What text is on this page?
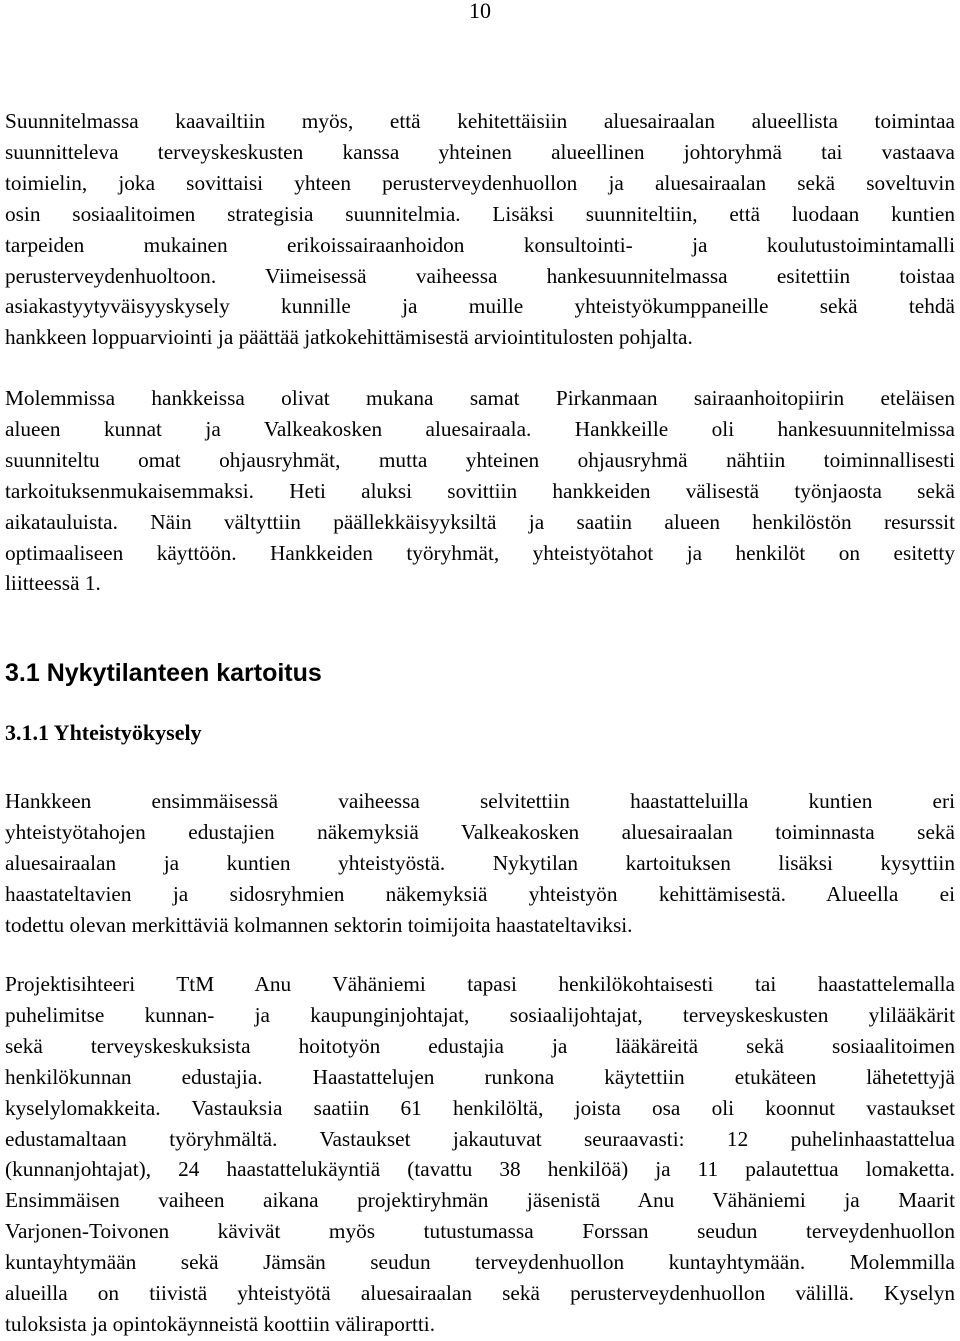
10

Suunnitelmassa kaavailtiin myös, että kehitettäisiin aluesairaalan alueellista toimintaa
suunnitteleva terveyskeskusten kanssa yhteinen alueellinen johtoryhmä tai vastaava
toimielin, joka sovittaisi yhteen perusterveydenhuollon ja aluesairaalan sekä soveltuvin
osin sosiaalitoimen strategisia suunnitelmia. Lisäksi suunniteltiin, että luodaan kuntien
tarpeiden mukainen erikoissairaanhoidon konsultointi- ja koulutustoimintamalli
perusterveydenhuoltoon. Viimeisessä vaiheessa hankesuunnitelmassa esitettiin toistaa
asiakastyytyväisyyskysely kunnille ja muille yhteistyökumppaneille sekä tehdä
hankkeen loppuarviointi ja päättää jatkokehittämisestä arviointitulosten pohjalta.

Molemmissa hankkeissa olivat mukana samat Pirkanmaan sairaanhoitopiirin eteläisen
alueen kunnat ja Valkeakosken aluesairaala. Hankkeille oli hankesuunnitelmissa
suunniteltu omat ohjausryhmät, mutta yhteinen ohjausryhmä nähtiin toiminnallisesti
tarkoituksenmukaisemmaksi. Heti aluksi sovittiin hankkeiden välisestä työnjaosta sekä
aikatauluista. Näin vältyttiin päällekkäisyyksiltä ja saatiin alueen henkilöstön resurssit
optimaaliseen käyttöön. Hankkeiden työryhmät, yhteistyötahot ja henkilöt on esitetty
liitteessä 1.

3.1 Nykytilanteen kartoitus
3.1.1 Yhteistyökysely

Hankkeen ensimmäisessä vaiheessa selvitettiin haastatteluilla kuntien eri
yhteistyötahojen edustajien näkemyksiä Valkeakosken aluesairaalan toiminnasta sekä
aluesairaalan ja kuntien yhteistyöstä. Nykytilan kartoituksen lisäksi kysyttiin
haastateltavien ja sidosryhmien näkemyksiä yhteistyön kehittämisestä. Alueella ei
todettu olevan merkittäviä kolmannen sektorin toimijoita haastateltaviksi.

Projektisihteeri TtM Anu Vähäniemi tapasi henkilökohtaisesti tai haastattelemalla
puhelimitse kunnan- ja kaupunginjohtajat, sosiaalijohtajat, terveyskeskusten ylilääkärit
sekä terveyskeskuksista hoitotyön edustajia ja lääkäreitä sekä sosiaalitoimen
henkilökunnan edustajia. Haastattelujen runkona käytettiin etukäteen lähetettyjä
kyselylomakkeita. Vastauksia saatiin 61 henkilöltä, joista osa oli koonnut vastaukset
edustamaltaan työryhmältä. Vastaukset jakautuvat seuraavasti: 12 puhelinhaastattelua
(kunnanjohtajat), 24 haastattelukäyntiä (tavattu 38 henkilöä) ja 11 palautettua lomaketta.
Ensimmäisen vaiheen aikana projektiryhmän jäsenistä Anu Vähäniemi ja Maarit
Varjonen-Toivonen kävivät myös tutustumassa Forssan seudun terveydenhuollon
kuntayhtymään sekä Jämsän seudun terveydenhuollon kuntayhtymään. Molemmilla
alueilla on tiivistä yhteistyötä aluesairaalan sekä perusterveydenhuollon välillä. Kyselyn
tuloksista ja opintokäynneistä koottiin väliraportti.
